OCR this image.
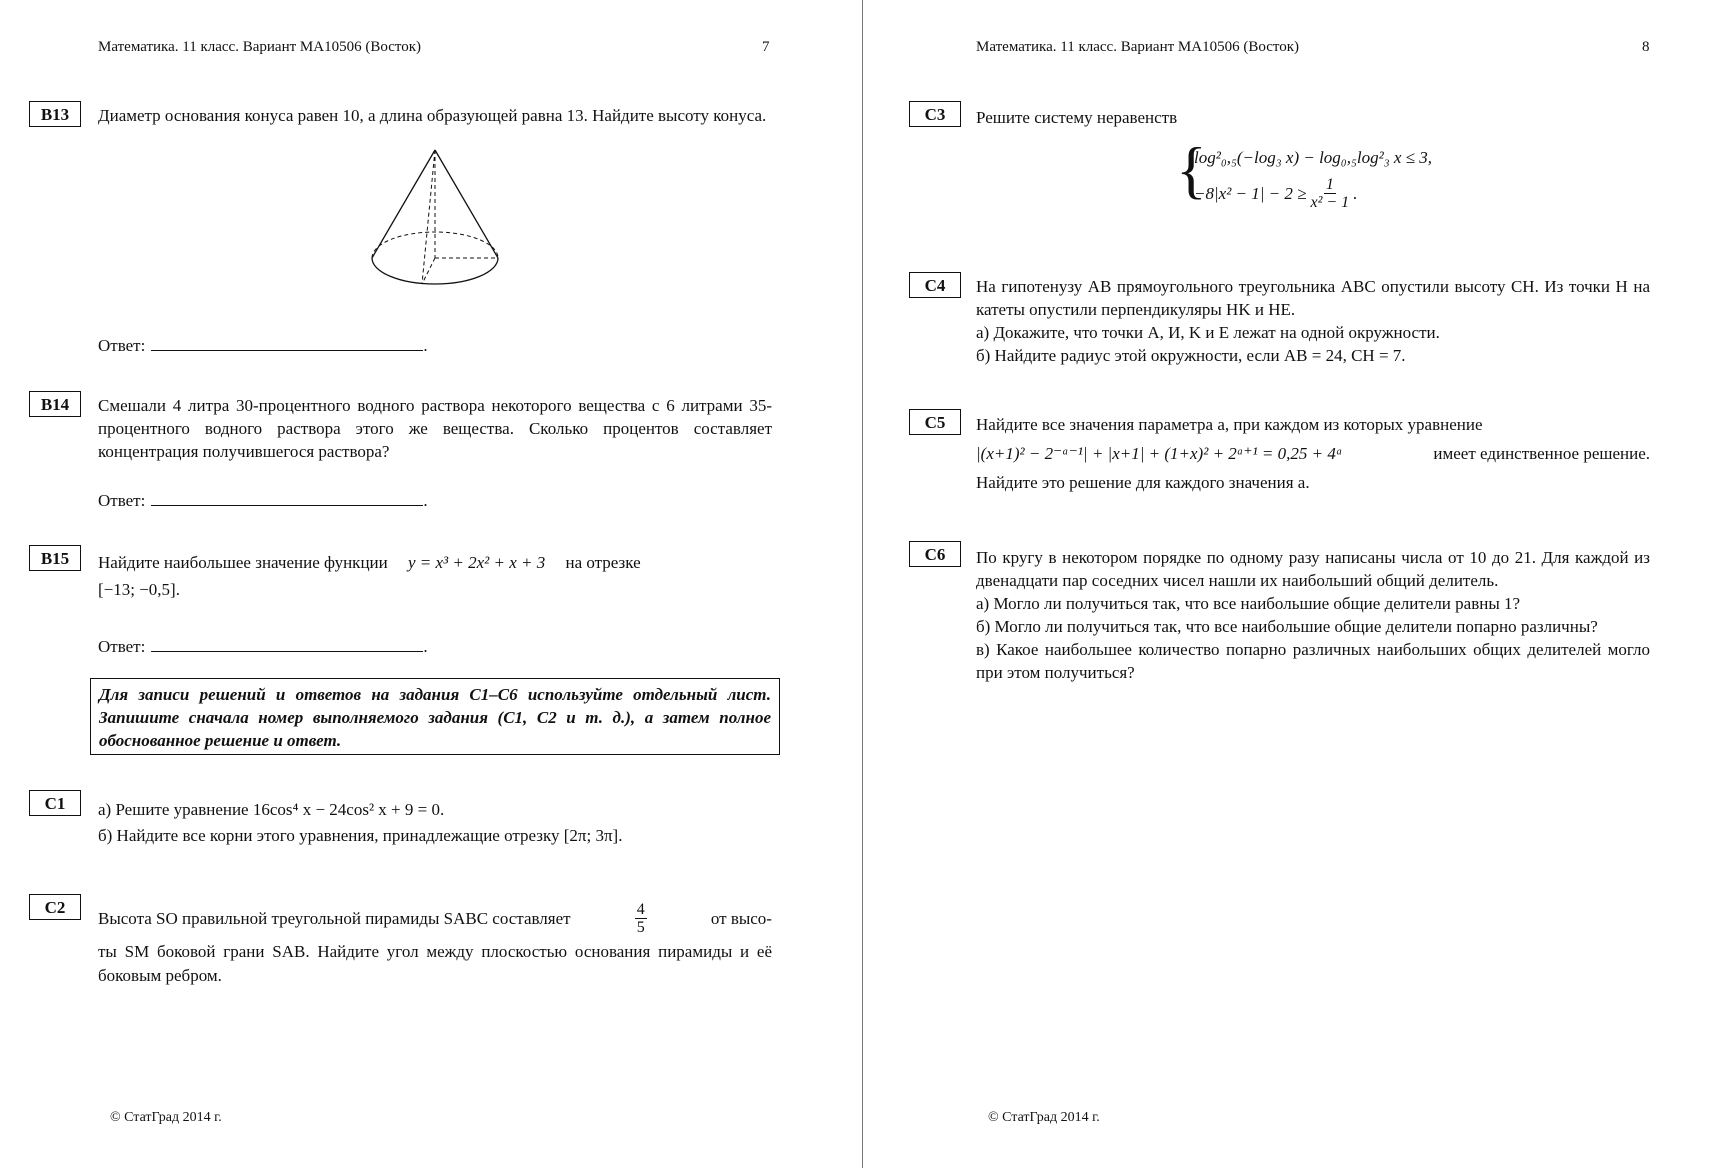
Математика. 11 класс. Вариант МА10506 (Восток)	7
B13	Диаметр основания конуса равен 10, а длина образующей равна 13. Найдите высоту конуса.
Ответ:	.
B14	Смешали 4 литра 30-процентного водного раствора некоторого вещества с 6 литрами 35-процентного водного раствора этого же вещества. Сколько процентов составляет концентрация получившегося раствора?
Ответ:	.
B15	Найдите наибольшее значение функции y = x³ + 2x² + x + 3 на отрезке
[−13; −0,5].
Ответ:	.
Для записи решений и ответов на задания С1–С6 используйте отдельный лист. Запишите сначала номер выполняемого задания (С1, С2 и т. д.), а затем полное обоснованное решение и ответ.
C1	а) Решите уравнение 16cos⁴ x − 24cos² x + 9 = 0.
б) Найдите все корни этого уравнения, принадлежащие отрезку [2π; 3π].
C2
Высота SO правильной треугольной пирамиды SABC составляет	$\frac{4}{5}$	от высо-
ты SM боковой грани SAB. Найдите угол между плоскостью основания пирамиды и её боковым ребром.
© СтатГрад 2014 г.
Математика. 11 класс. Вариант МА10506 (Восток)	8
C3	Решите систему неравенств
{
log²₀,₅(−log₃ x) − log₀,₅log²₃ x ≤ 3,
$-8|x^2 - 1| - 2 \ge \frac{1}{\text{x² − 1}}$ .
C4	На гипотенузу AB прямоугольного треугольника ABC опустили высоту CH. Из точки H на катеты опустили перпендикуляры HK и HE.
а) Докажите, что точки A, И, K и E лежат на одной окружности.
б) Найдите радиус этой окружности, если AB = 24, CH = 7.
C5	Найдите все значения параметра a, при каждом из которых уравнение
|(x+1)² − 2⁻ᵃ⁻¹| + |x+1| + (1+x)² + 2ᵃ⁺¹ = 0,25 + 4ᵃ	имеет единственное решение.
Найдите это решение для каждого значения a.
C6	По кругу в некотором порядке по одному разу написаны числа от 10 до 21. Для каждой из двенадцати пар соседних чисел нашли их наибольший общий делитель.
а) Могло ли получиться так, что все наибольшие общие делители равны 1?
б) Могло ли получиться так, что все наибольшие общие делители попарно различны?
в) Какое наибольшее количество попарно различных наибольших общих делителей могло при этом получиться?
© СтатГрад 2014 г.
